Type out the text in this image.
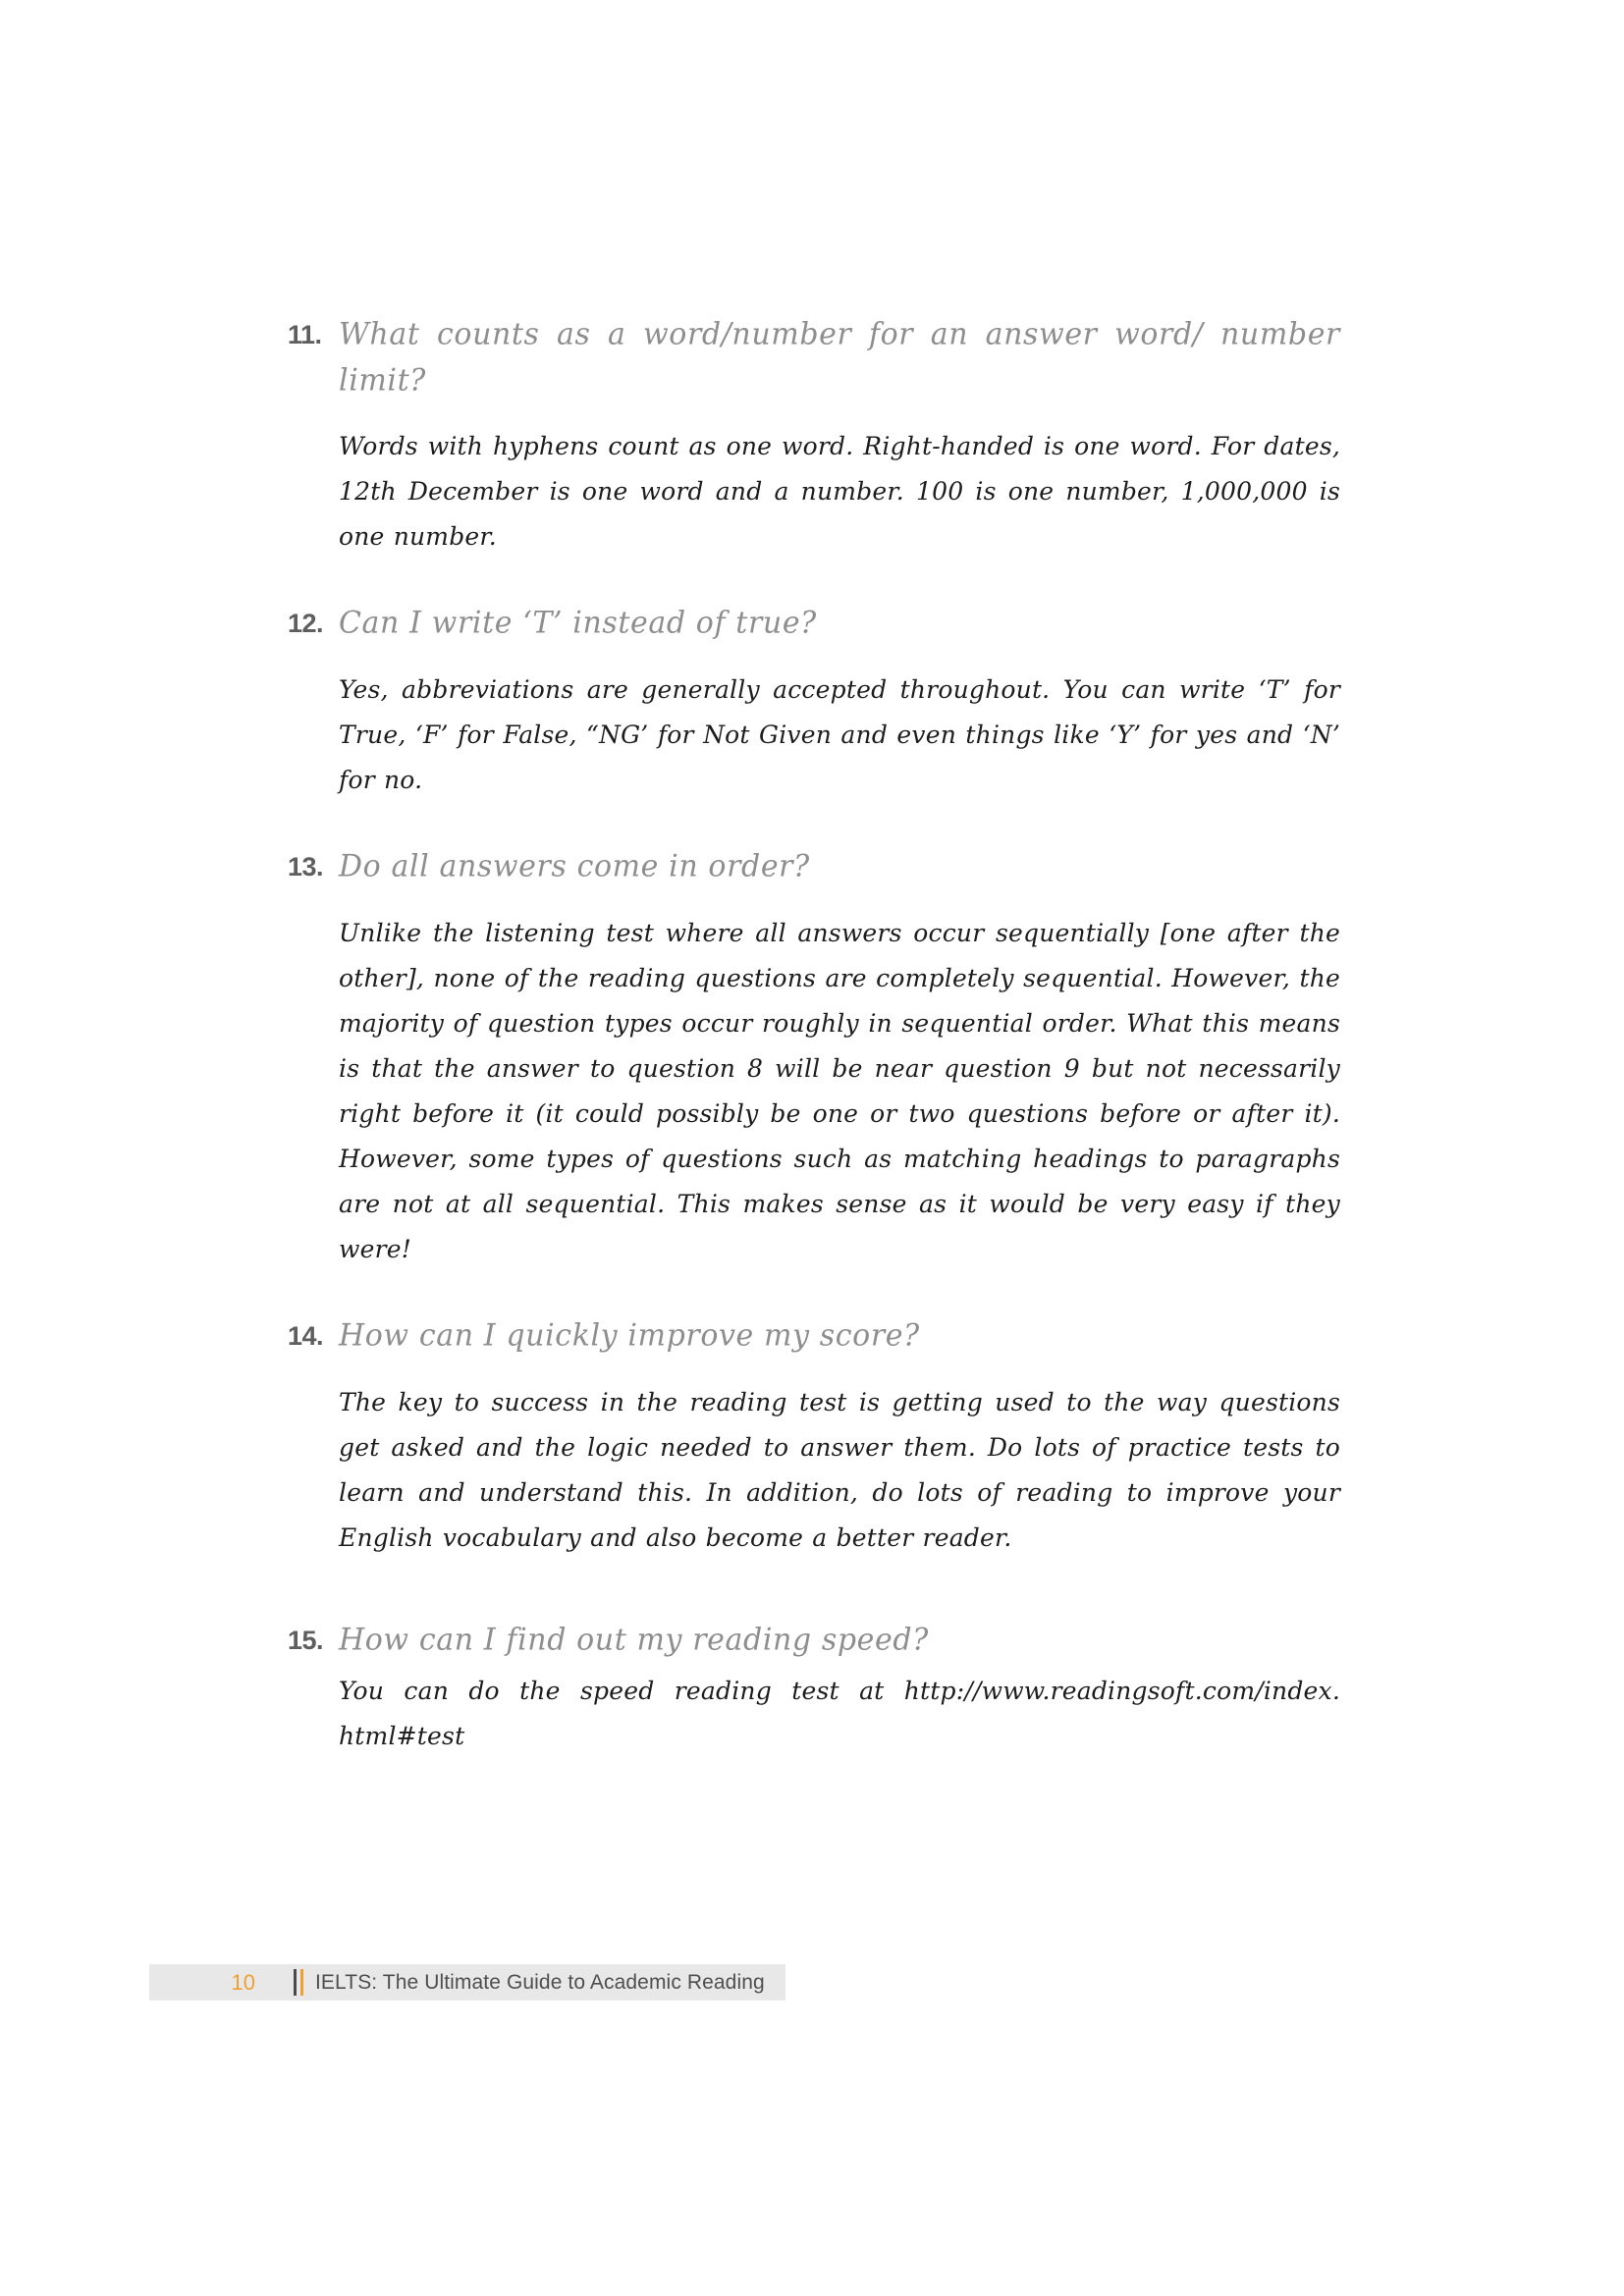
11. What counts as a word/number for an answer word/ number limit?
Words with hyphens count as one word. Right-handed is one word. For dates, 12th December is one word and a number. 100 is one number, 1,000,000 is one number.
12. Can I write ‘T’ instead of true?
Yes, abbreviations are generally accepted throughout. You can write ‘T’ for True, ‘F’ for False, “NG’ for Not Given and even things like ‘Y’ for yes and ‘N’ for no.
13. Do all answers come in order?
Unlike the listening test where all answers occur sequentially [one after the other], none of the reading questions are completely sequential. However, the majority of question types occur roughly in sequential order. What this means is that the answer to question 8 will be near question 9 but not necessarily right before it (it could possibly be one or two questions before or after it). However, some types of questions such as matching headings to paragraphs are not at all sequential. This makes sense as it would be very easy if they were!
14. How can I quickly improve my score?
The key to success in the reading test is getting used to the way questions get asked and the logic needed to answer them. Do lots of practice tests to learn and understand this. In addition, do lots of reading to improve your English vocabulary and also become a better reader.
15. How can I find out my reading speed?
You can do the speed reading test at http://www.readingsoft.com/index. html#test
10	IELTS: The Ultimate Guide to Academic Reading
